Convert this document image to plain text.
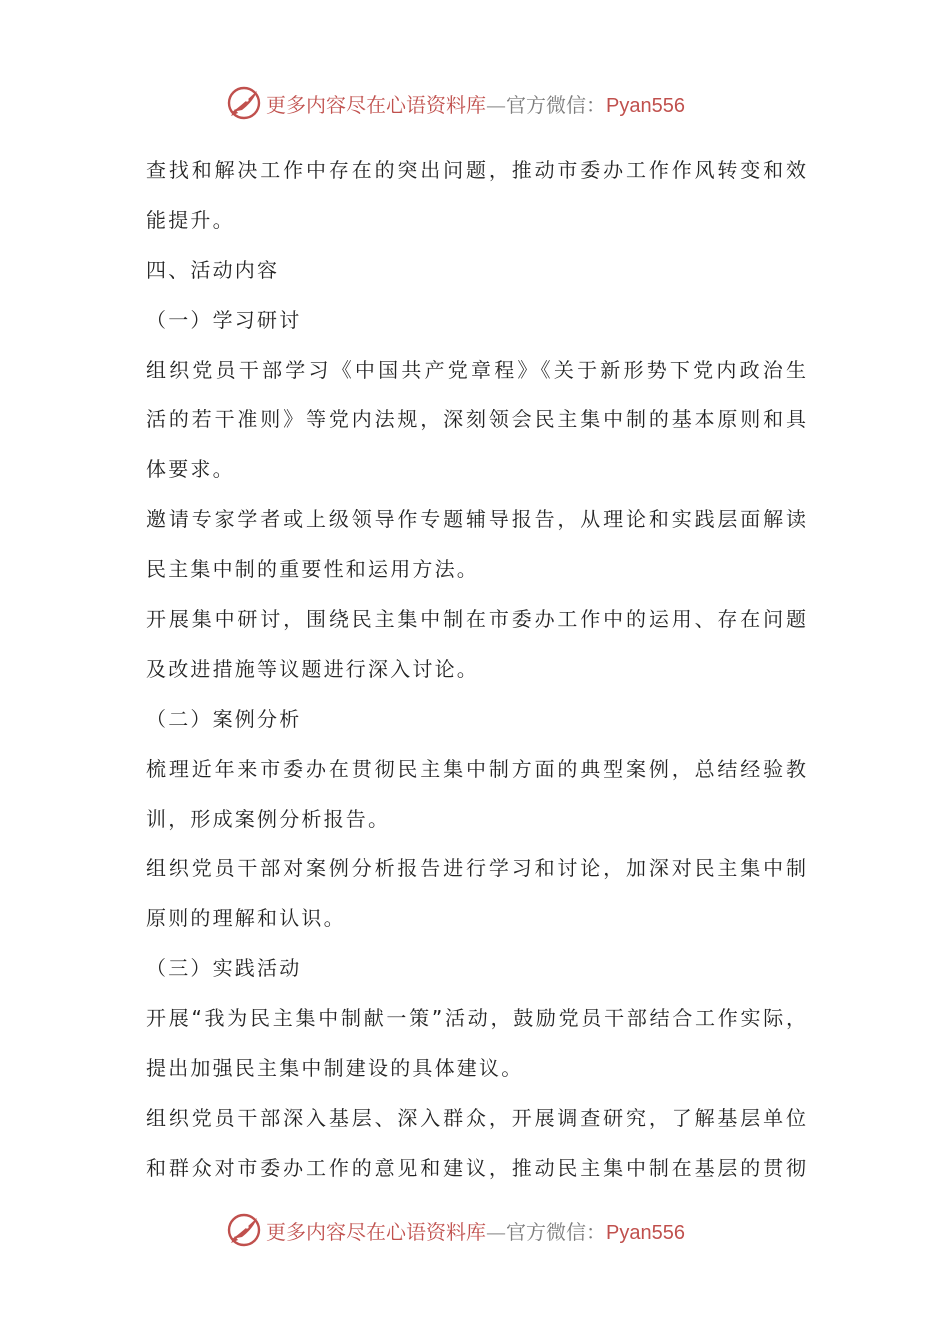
更多内容尽在心语资料库—官方微信：Pyan556

查找和解决工作中存在的突出问题，推动市委办工作作风转变和效

能提升。

四、活动内容

（一）学习研讨

组织党员干部学习《中国共产党章程》《关于新形势下党内政治生

活的若干准则》等党内法规，深刻领会民主集中制的基本原则和具

体要求。

邀请专家学者或上级领导作专题辅导报告，从理论和实践层面解读

民主集中制的重要性和运用方法。

开展集中研讨，围绕民主集中制在市委办工作中的运用、存在问题

及改进措施等议题进行深入讨论。

（二）案例分析

梳理近年来市委办在贯彻民主集中制方面的典型案例，总结经验教

训，形成案例分析报告。

组织党员干部对案例分析报告进行学习和讨论，加深对民主集中制

原则的理解和认识。

（三）实践活动

开展“我为民主集中制献一策”活动，鼓励党员干部结合工作实际，

提出加强民主集中制建设的具体建议。

组织党员干部深入基层、深入群众，开展调查研究，了解基层单位

和群众对市委办工作的意见和建议，推动民主集中制在基层的贯彻

更多内容尽在心语资料库—官方微信：Pyan556
